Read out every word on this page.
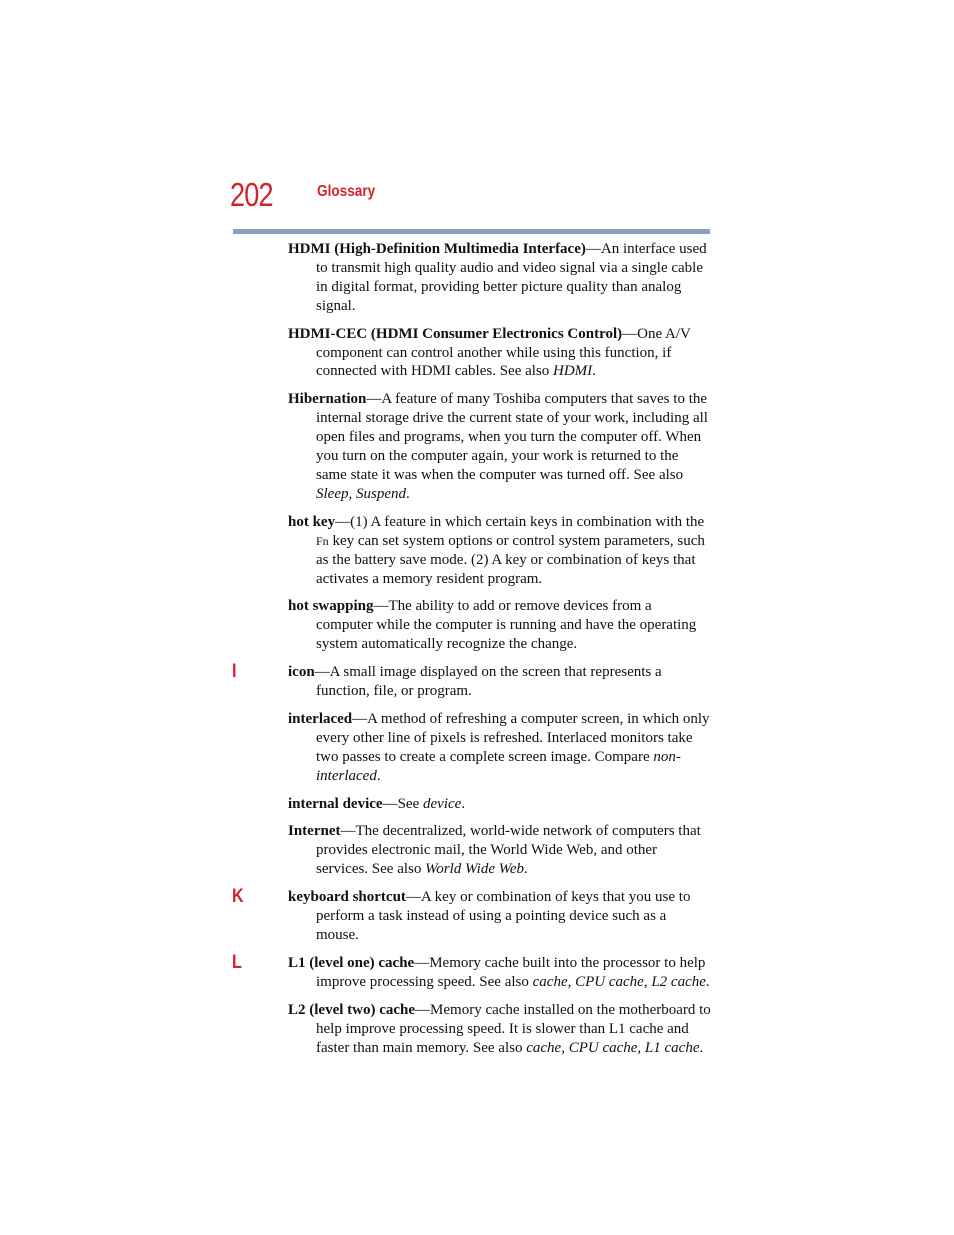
202	Glossary

HDMI (High-Definition Multimedia Interface)—An interface used to transmit high quality audio and video signal via a single cable in digital format, providing better picture quality than analog signal.

HDMI-CEC (HDMI Consumer Electronics Control)—One A/V component can control another while using this function, if connected with HDMI cables. See also HDMI.

Hibernation—A feature of many Toshiba computers that saves to the internal storage drive the current state of your work, including all open files and programs, when you turn the computer off. When you turn on the computer again, your work is returned to the same state it was when the computer was turned off. See also Sleep, Suspend.

hot key—(1) A feature in which certain keys in combination with the Fn key can set system options or control system parameters, such as the battery save mode. (2) A key or combination of keys that activates a memory resident program.

hot swapping—The ability to add or remove devices from a computer while the computer is running and have the operating system automatically recognize the change.

I	icon—A small image displayed on the screen that represents a function, file, or program.

interlaced—A method of refreshing a computer screen, in which only every other line of pixels is refreshed. Interlaced monitors take two passes to create a complete screen image. Compare non-interlaced.

internal device—See device.

Internet—The decentralized, world-wide network of computers that provides electronic mail, the World Wide Web, and other services. See also World Wide Web.

K	keyboard shortcut—A key or combination of keys that you use to perform a task instead of using a pointing device such as a mouse.

L	L1 (level one) cache—Memory cache built into the processor to help improve processing speed. See also cache, CPU cache, L2 cache.

L2 (level two) cache—Memory cache installed on the motherboard to help improve processing speed. It is slower than L1 cache and faster than main memory. See also cache, CPU cache, L1 cache.
